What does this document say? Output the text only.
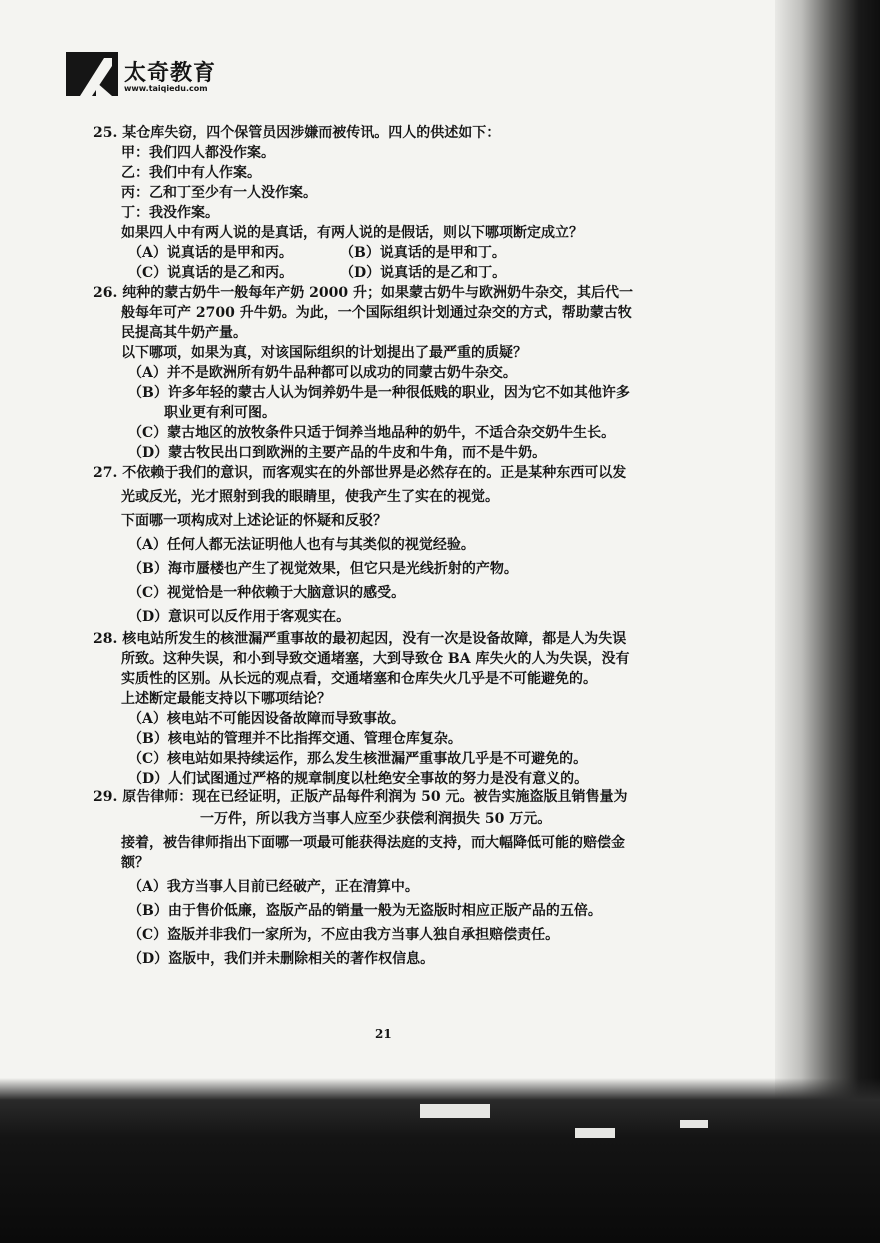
太奇教育
www.taiqiedu.com
25. 某仓库失窃，四个保管员因涉嫌而被传讯。四人的供述如下：
甲：我们四人都没作案。
乙：我们中有人作案。
丙：乙和丁至少有一人没作案。
丁：我没作案。
如果四人中有两人说的是真话，有两人说的是假话，则以下哪项断定成立？
（A）说真话的是甲和丙。	（B）说真话的是甲和丁。
（C）说真话的是乙和丙。	（D）说真话的是乙和丁。
26. 纯种的蒙古奶牛一般每年产奶 2000 升；如果蒙古奶牛与欧洲奶牛杂交，其后代一
般每年可产 2700 升牛奶。为此，一个国际组织计划通过杂交的方式，帮助蒙古牧
民提高其牛奶产量。
以下哪项，如果为真，对该国际组织的计划提出了最严重的质疑？
（A）并不是欧洲所有奶牛品种都可以成功的同蒙古奶牛杂交。
（B）许多年轻的蒙古人认为饲养奶牛是一种很低贱的职业，因为它不如其他许多
职业更有利可图。
（C）蒙古地区的放牧条件只适于饲养当地品种的奶牛，不适合杂交奶牛生长。
（D）蒙古牧民出口到欧洲的主要产品的牛皮和牛角，而不是牛奶。
27. 不依赖于我们的意识，而客观实在的外部世界是必然存在的。正是某种东西可以发
光或反光，光才照射到我的眼睛里，使我产生了实在的视觉。
下面哪一项构成对上述论证的怀疑和反驳？
（A）任何人都无法证明他人也有与其类似的视觉经验。
（B）海市蜃楼也产生了视觉效果，但它只是光线折射的产物。
（C）视觉恰是一种依赖于大脑意识的感受。
（D）意识可以反作用于客观实在。
28. 核电站所发生的核泄漏严重事故的最初起因，没有一次是设备故障，都是人为失误
所致。这种失误，和小到导致交通堵塞，大到导致仓 BA 库失火的人为失误，没有
实质性的区别。从长远的观点看，交通堵塞和仓库失火几乎是不可能避免的。
上述断定最能支持以下哪项结论？
（A）核电站不可能因设备故障而导致事故。
（B）核电站的管理并不比指挥交通、管理仓库复杂。
（C）核电站如果持续运作，那么发生核泄漏严重事故几乎是不可避免的。
（D）人们试图通过严格的规章制度以杜绝安全事故的努力是没有意义的。
29. 原告律师：现在已经证明，正版产品每件利润为 50 元。被告实施盗版且销售量为
一万件，所以我方当事人应至少获偿利润损失 50 万元。
接着，被告律师指出下面哪一项最可能获得法庭的支持，而大幅降低可能的赔偿金
额？
（A）我方当事人目前已经破产，正在清算中。
（B）由于售价低廉，盗版产品的销量一般为无盗版时相应正版产品的五倍。
（C）盗版并非我们一家所为，不应由我方当事人独自承担赔偿责任。
（D）盗版中，我们并未删除相关的著作权信息。
21
